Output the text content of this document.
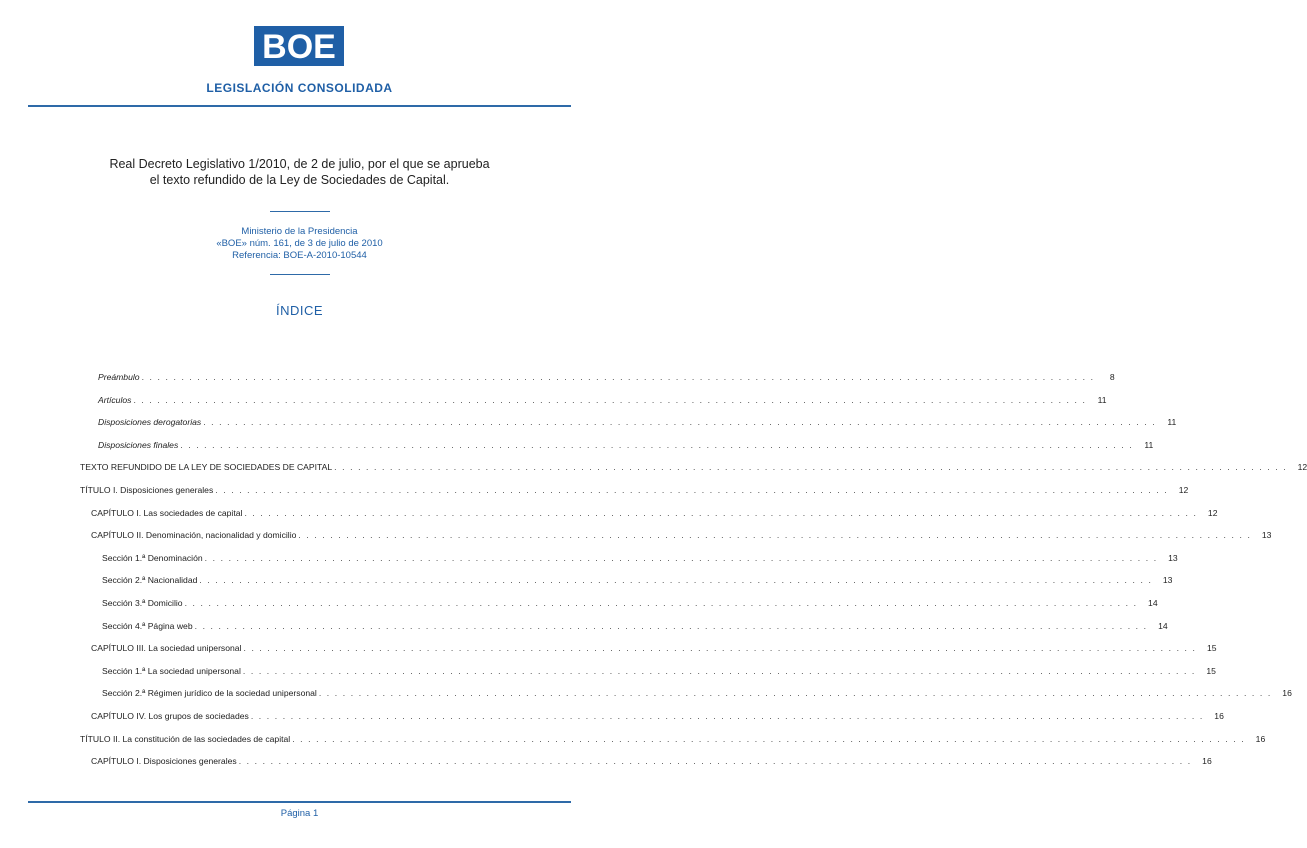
BOE
LEGISLACIÓN CONSOLIDADA
Real Decreto Legislativo 1/2010, de 2 de julio, por el que se aprueba
el texto refundido de la Ley de Sociedades de Capital.
Ministerio de la Presidencia
«BOE» núm. 161, de 3 de julio de 2010
Referencia: BOE-A-2010-10544
ÍNDICE
Preámbulo . . . . . . . . . . . . . . . . . . . . . . . . . . . . . . . . . . . . . . . . . . . . . . . . . . . . . . . . . . . . . . . . . . . . . . . . . . . . . . . . . . . . . . . . . . . . . . . . . . . . . . . . . . . . . . . . . . . . . . . .	8
Artículos . . . . . . . . . . . . . . . . . . . . . . . . . . . . . . . . . . . . . . . . . . . . . . . . . . . . . . . . . . . . . . . . . . . . . . . . . . . . . . . . . . . . . . . . . . . . . . . . . . . . . . . . . . . . . . . . . . . . . . . .	11
Disposiciones derogatorias . . . . . . . . . . . . . . . . . . . . . . . . . . . . . . . . . . . . . . . . . . . . . . . . . . . . . . . . . . . . . . . . . . . . . . . . . . . . . . . . . . . . . . . . . . . . . . . . . . . . . . . . . . . . . . . . . . . . . . . .	11
Disposiciones finales . . . . . . . . . . . . . . . . . . . . . . . . . . . . . . . . . . . . . . . . . . . . . . . . . . . . . . . . . . . . . . . . . . . . . . . . . . . . . . . . . . . . . . . . . . . . . . . . . . . . . . . . . . . . . . . . . . . . . . . .	11
TEXTO REFUNDIDO DE LA LEY DE SOCIEDADES DE CAPITAL . . . . . . . . . . . . . . . . . . . . . . . . . . . . . . . . . . . . . . . . . . . . . . . . . . . . . . . . . . . . . . . . . . . . . . . . . . . . . . . . . . . . . . . . . . . . . . . . . . . . . . . . . . . . . . . . . . . . . . . .	12
TÍTULO I. Disposiciones generales . . . . . . . . . . . . . . . . . . . . . . . . . . . . . . . . . . . . . . . . . . . . . . . . . . . . . . . . . . . . . . . . . . . . . . . . . . . . . . . . . . . . . . . . . . . . . . . . . . . . . . . . . . . . . . . . . . . . . . . .	12
CAPÍTULO I. Las sociedades de capital . . . . . . . . . . . . . . . . . . . . . . . . . . . . . . . . . . . . . . . . . . . . . . . . . . . . . . . . . . . . . . . . . . . . . . . . . . . . . . . . . . . . . . . . . . . . . . . . . . . . . . . . . . . . . . . . . . . . . . . .	12
CAPÍTULO II. Denominación, nacionalidad y domicilio . . . . . . . . . . . . . . . . . . . . . . . . . . . . . . . . . . . . . . . . . . . . . . . . . . . . . . . . . . . . . . . . . . . . . . . . . . . . . . . . . . . . . . . . . . . . . . . . . . . . . . . . . . . . . . . . . . . . . . . .	13
Sección 1.ª Denominación . . . . . . . . . . . . . . . . . . . . . . . . . . . . . . . . . . . . . . . . . . . . . . . . . . . . . . . . . . . . . . . . . . . . . . . . . . . . . . . . . . . . . . . . . . . . . . . . . . . . . . . . . . . . . . . . . . . . . . . .	13
Sección 2.ª Nacionalidad . . . . . . . . . . . . . . . . . . . . . . . . . . . . . . . . . . . . . . . . . . . . . . . . . . . . . . . . . . . . . . . . . . . . . . . . . . . . . . . . . . . . . . . . . . . . . . . . . . . . . . . . . . . . . . . . . . . . . . . .	13
Sección 3.ª Domicilio . . . . . . . . . . . . . . . . . . . . . . . . . . . . . . . . . . . . . . . . . . . . . . . . . . . . . . . . . . . . . . . . . . . . . . . . . . . . . . . . . . . . . . . . . . . . . . . . . . . . . . . . . . . . . . . . . . . . . . . .	14
Sección 4.ª Página web . . . . . . . . . . . . . . . . . . . . . . . . . . . . . . . . . . . . . . . . . . . . . . . . . . . . . . . . . . . . . . . . . . . . . . . . . . . . . . . . . . . . . . . . . . . . . . . . . . . . . . . . . . . . . . . . . . . . . . . .	14
CAPÍTULO III. La sociedad unipersonal . . . . . . . . . . . . . . . . . . . . . . . . . . . . . . . . . . . . . . . . . . . . . . . . . . . . . . . . . . . . . . . . . . . . . . . . . . . . . . . . . . . . . . . . . . . . . . . . . . . . . . . . . . . . . . . . . . . . . . . .	15
Sección 1.ª La sociedad unipersonal . . . . . . . . . . . . . . . . . . . . . . . . . . . . . . . . . . . . . . . . . . . . . . . . . . . . . . . . . . . . . . . . . . . . . . . . . . . . . . . . . . . . . . . . . . . . . . . . . . . . . . . . . . . . . . . . . . . . . . . .	15
Sección 2.ª Régimen jurídico de la sociedad unipersonal . . . . . . . . . . . . . . . . . . . . . . . . . . . . . . . . . . . . . . . . . . . . . . . . . . . . . . . . . . . . . . . . . . . . . . . . . . . . . . . . . . . . . . . . . . . . . . . . . . . . . . . . . . . . . . . . . . . . . . . .	16
CAPÍTULO IV. Los grupos de sociedades . . . . . . . . . . . . . . . . . . . . . . . . . . . . . . . . . . . . . . . . . . . . . . . . . . . . . . . . . . . . . . . . . . . . . . . . . . . . . . . . . . . . . . . . . . . . . . . . . . . . . . . . . . . . . . . . . . . . . . . .	16
TÍTULO II. La constitución de las sociedades de capital . . . . . . . . . . . . . . . . . . . . . . . . . . . . . . . . . . . . . . . . . . . . . . . . . . . . . . . . . . . . . . . . . . . . . . . . . . . . . . . . . . . . . . . . . . . . . . . . . . . . . . . . . . . . . . . . . . . . . . . .	16
CAPÍTULO I. Disposiciones generales . . . . . . . . . . . . . . . . . . . . . . . . . . . . . . . . . . . . . . . . . . . . . . . . . . . . . . . . . . . . . . . . . . . . . . . . . . . . . . . . . . . . . . . . . . . . . . . . . . . . . . . . . . . . . . . . . . . . . . . .	16
Página 1
